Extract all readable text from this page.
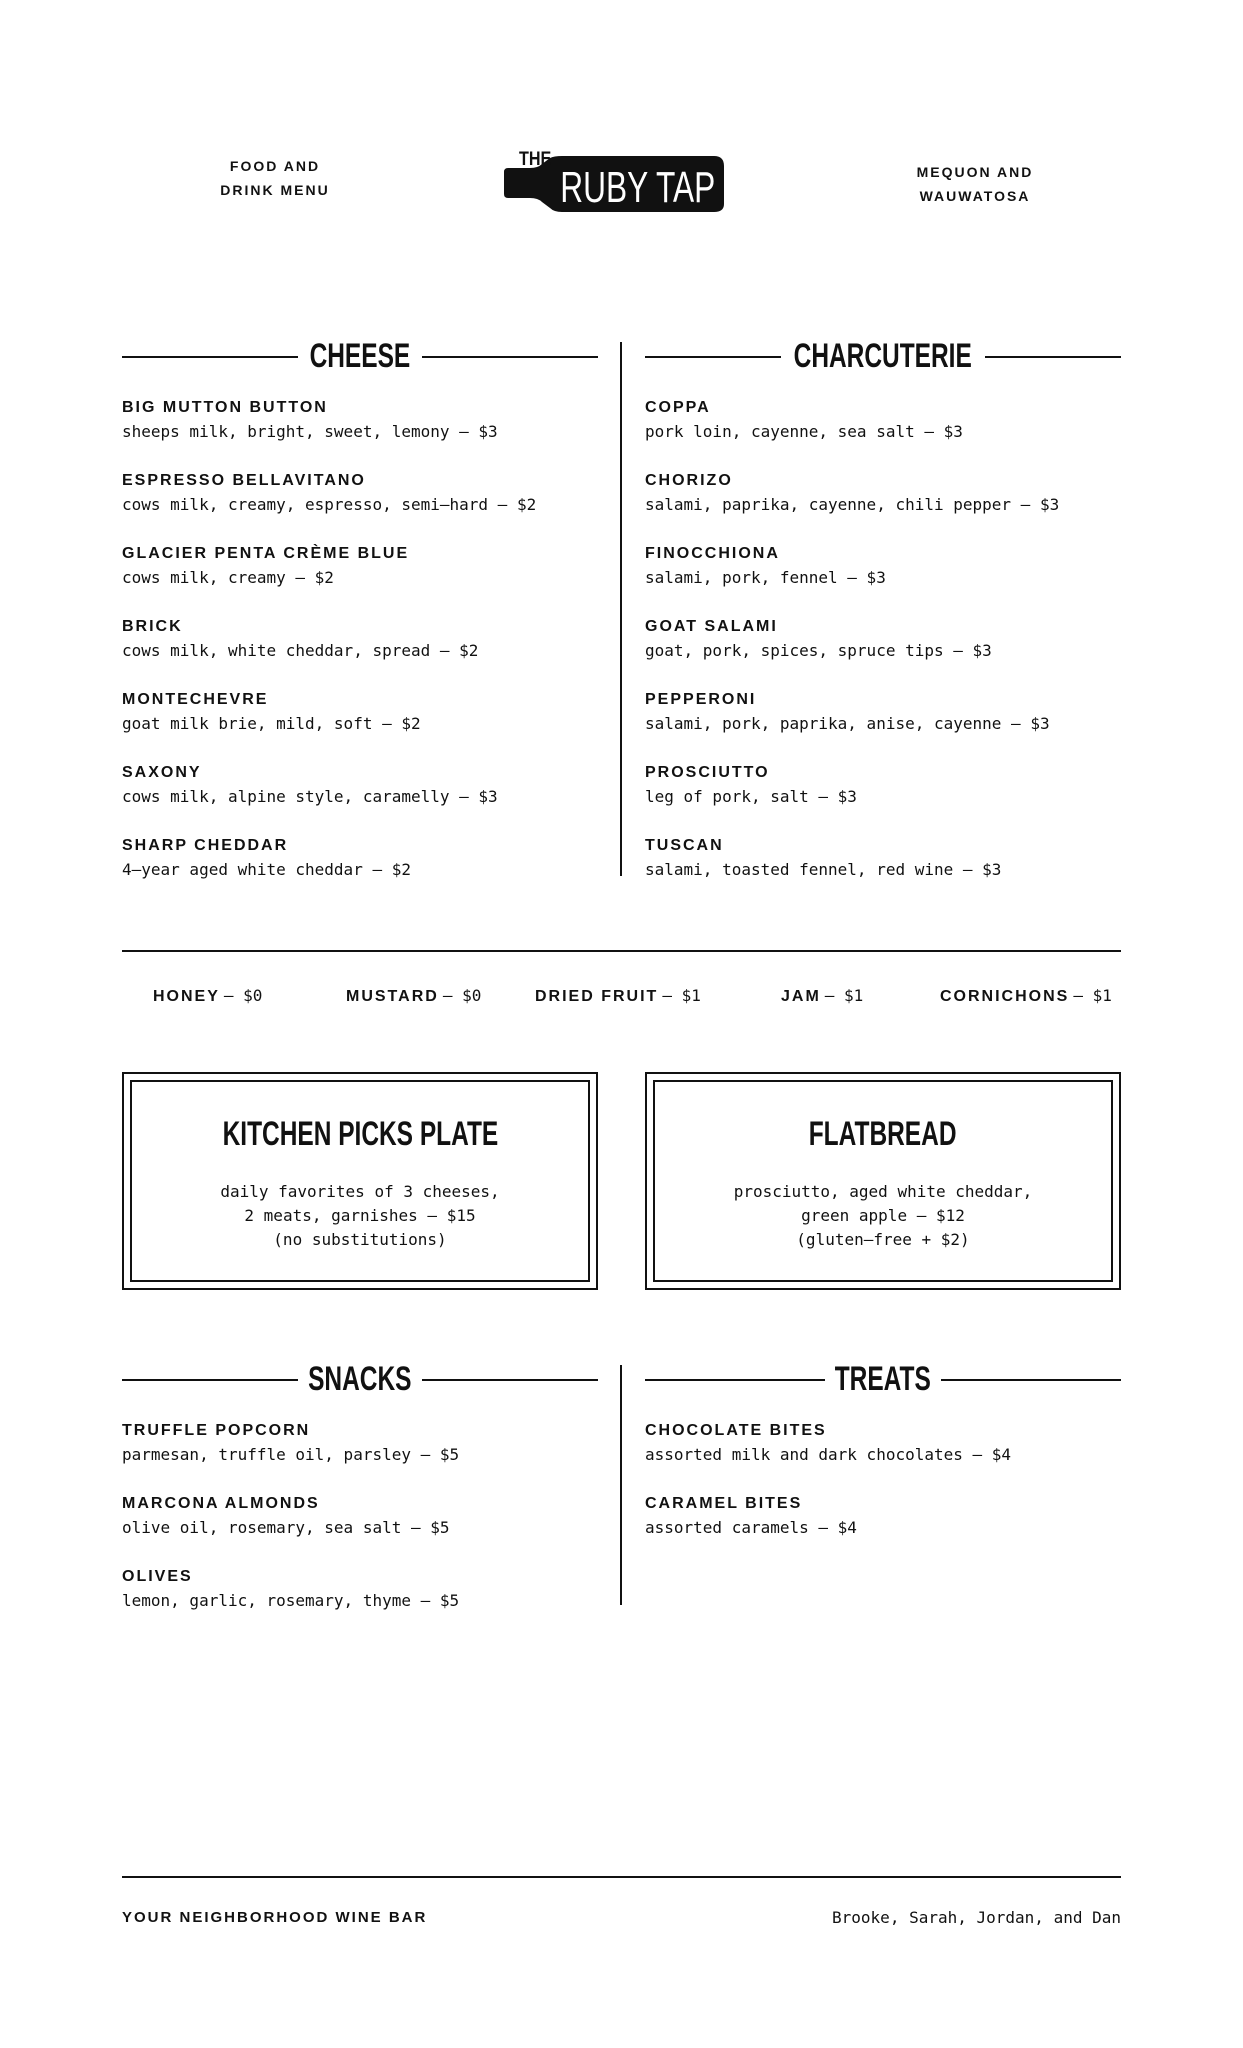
FOOD AND
DRINK MENU
THE
RUBY TAP	MEQUON AND
WAUWATOSA
CHEESE	CHARCUTERIE
BIG MUTTON BUTTON
sheeps milk, bright, sweet, lemony – $3
ESPRESSO BELLAVITANO
cows milk, creamy, espresso, semi–hard – $2
GLACIER PENTA CRÈME BLUE
cows milk, creamy – $2
BRICK
cows milk, white cheddar, spread – $2
MONTECHEVRE
goat milk brie, mild, soft – $2
SAXONY
cows milk, alpine style, caramelly – $3
SHARP CHEDDAR
4–year aged white cheddar – $2
COPPA
pork loin, cayenne, sea salt – $3
CHORIZO
salami, paprika, cayenne, chili pepper – $3
FINOCCHIONA
salami, pork, fennel – $3
GOAT SALAMI
goat, pork, spices, spruce tips – $3
PEPPERONI
salami, pork, paprika, anise, cayenne – $3
PROSCIUTTO
leg of pork, salt – $3
TUSCAN
salami, toasted fennel, red wine – $3
HONEY – $0	MUSTARD – $0	DRIED FRUIT – $1	JAM – $1	CORNICHONS – $1
KITCHEN PICKS PLATE
daily favorites of 3 cheeses,
2 meats, garnishes – $15
(no substitutions)
FLATBREAD
prosciutto, aged white cheddar,
green apple – $12
(gluten–free + $2)
SNACKS	TREATS
TRUFFLE POPCORN
parmesan, truffle oil, parsley – $5
MARCONA ALMONDS
olive oil, rosemary, sea salt – $5
OLIVES
lemon, garlic, rosemary, thyme – $5
CHOCOLATE BITES
assorted milk and dark chocolates – $4
CARAMEL BITES
assorted caramels – $4
YOUR NEIGHBORHOOD WINE BAR	Brooke, Sarah, Jordan, and Dan
